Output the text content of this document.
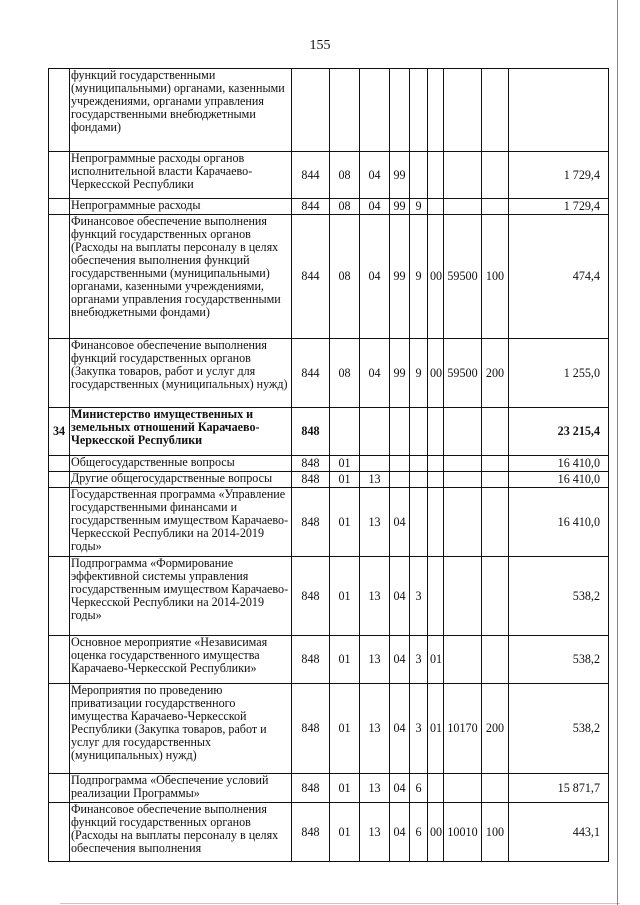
155
	функций государственными (муниципальными) органами, казенными учреждениями, органами управления государственными внебюджетными фондами)									
	Непрограммные расходы органов исполнительной власти Карачаево-Черкесской Республики	844	08	04	99					1 729,4
	Непрограммные расходы	844	08	04	99	9				1 729,4
	Финансовое обеспечение выполнения функций государственных органов (Расходы на выплаты персоналу в целях обеспечения выполнения функций государственными (муниципальными) органами, казенными учреждениями, органами управления государственными внебюджетными фондами)	844	08	04	99	9	00	59500	100	474,4
	Финансовое обеспечение выполнения функций государственных органов (Закупка товаров, работ и услуг для государственных (муниципальных) нужд)	844	08	04	99	9	00	59500	200	1 255,0
34	Министерство имущественных и земельных отношений Карачаево-Черкесской Республики	848								23 215,4
	Общегосударственные вопросы	848	01							16 410,0
	Другие общегосударственные вопросы	848	01	13						16 410,0
	Государственная программа «Управление государственными финансами и государственным имуществом Карачаево-Черкесской Республики на 2014-2019 годы»	848	01	13	04					16 410,0
	Подпрограмма «Формирование эффективной системы управления государственным имуществом Карачаево-Черкесской Республики на 2014-2019 годы»	848	01	13	04	3				538,2
	Основное мероприятие «Независимая оценка государственного имущества Карачаево-Черкесской Республики»	848	01	13	04	3	01			538,2
	Мероприятия по проведению приватизации государственного имущества Карачаево-Черкесской Республики (Закупка товаров, работ и услуг для государственных (муниципальных) нужд)	848	01	13	04	3	01	10170	200	538,2
	Подпрограмма «Обеспечение условий реализации Программы»	848	01	13	04	6				15 871,7
	Финансовое обеспечение выполнения функций государственных органов (Расходы на выплаты персоналу в целях обеспечения выполнения	848	01	13	04	6	00	10010	100	443,1
